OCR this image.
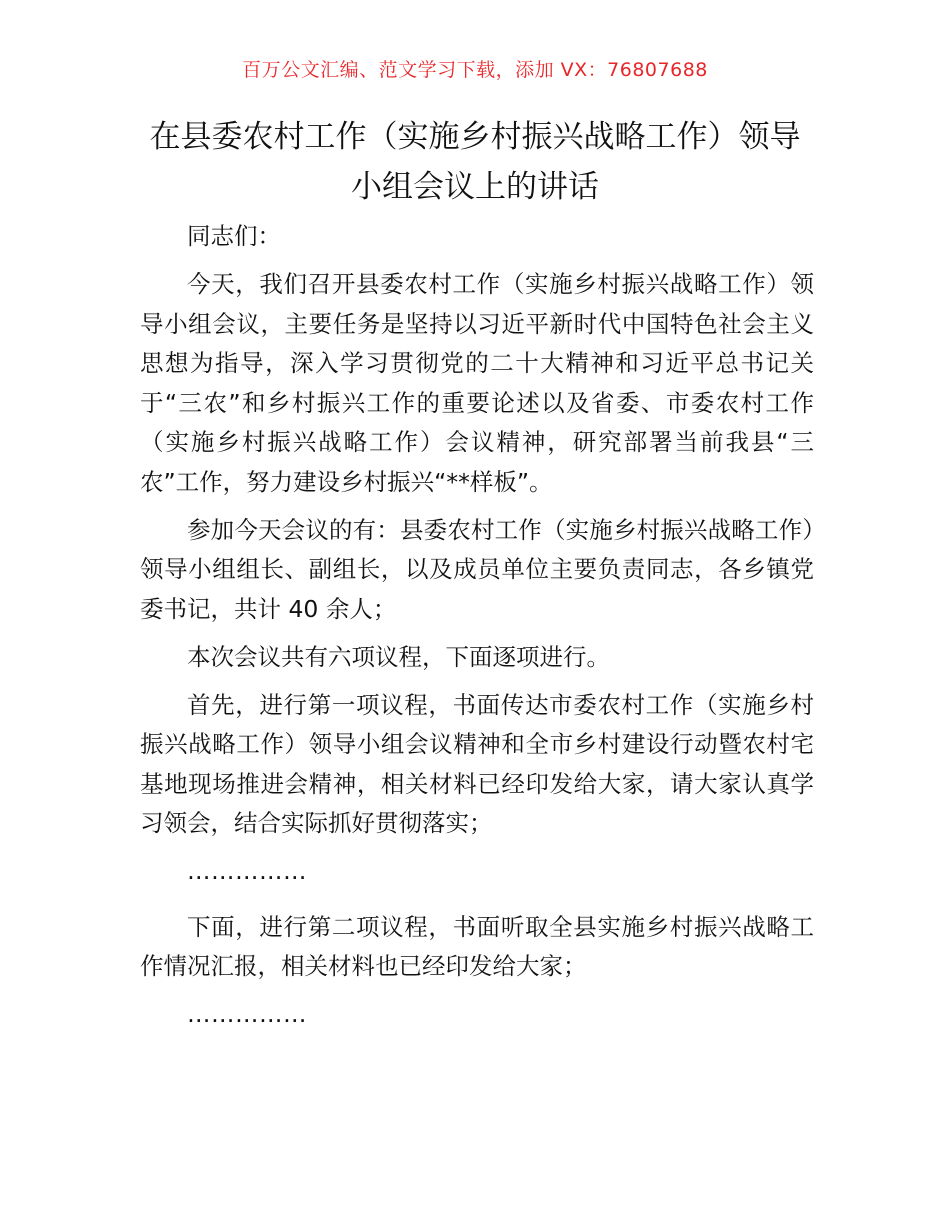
百万公文汇编、范文学习下载，添加 VX：76807688
在县委农村工作（实施乡村振兴战略工作）领导小组会议上的讲话

同志们：

今天，我们召开县委农村工作（实施乡村振兴战略工作）领导小组会议，主要任务是坚持以习近平新时代中国特色社会主义思想为指导，深入学习贯彻党的二十大精神和习近平总书记关于“三农”和乡村振兴工作的重要论述以及省委、市委农村工作（实施乡村振兴战略工作）会议精神，研究部署当前我县“三农”工作，努力建设乡村振兴“**样板”。

参加今天会议的有：县委农村工作（实施乡村振兴战略工作）领导小组组长、副组长，以及成员单位主要负责同志，各乡镇党委书记，共计 40 余人；

本次会议共有六项议程，下面逐项进行。

首先，进行第一项议程，书面传达市委农村工作（实施乡村振兴战略工作）领导小组会议精神和全市乡村建设行动暨农村宅基地现场推进会精神，相关材料已经印发给大家，请大家认真学习领会，结合实际抓好贯彻落实；

……………

下面，进行第二项议程，书面听取全县实施乡村振兴战略工作情况汇报，相关材料也已经印发给大家；

……………
